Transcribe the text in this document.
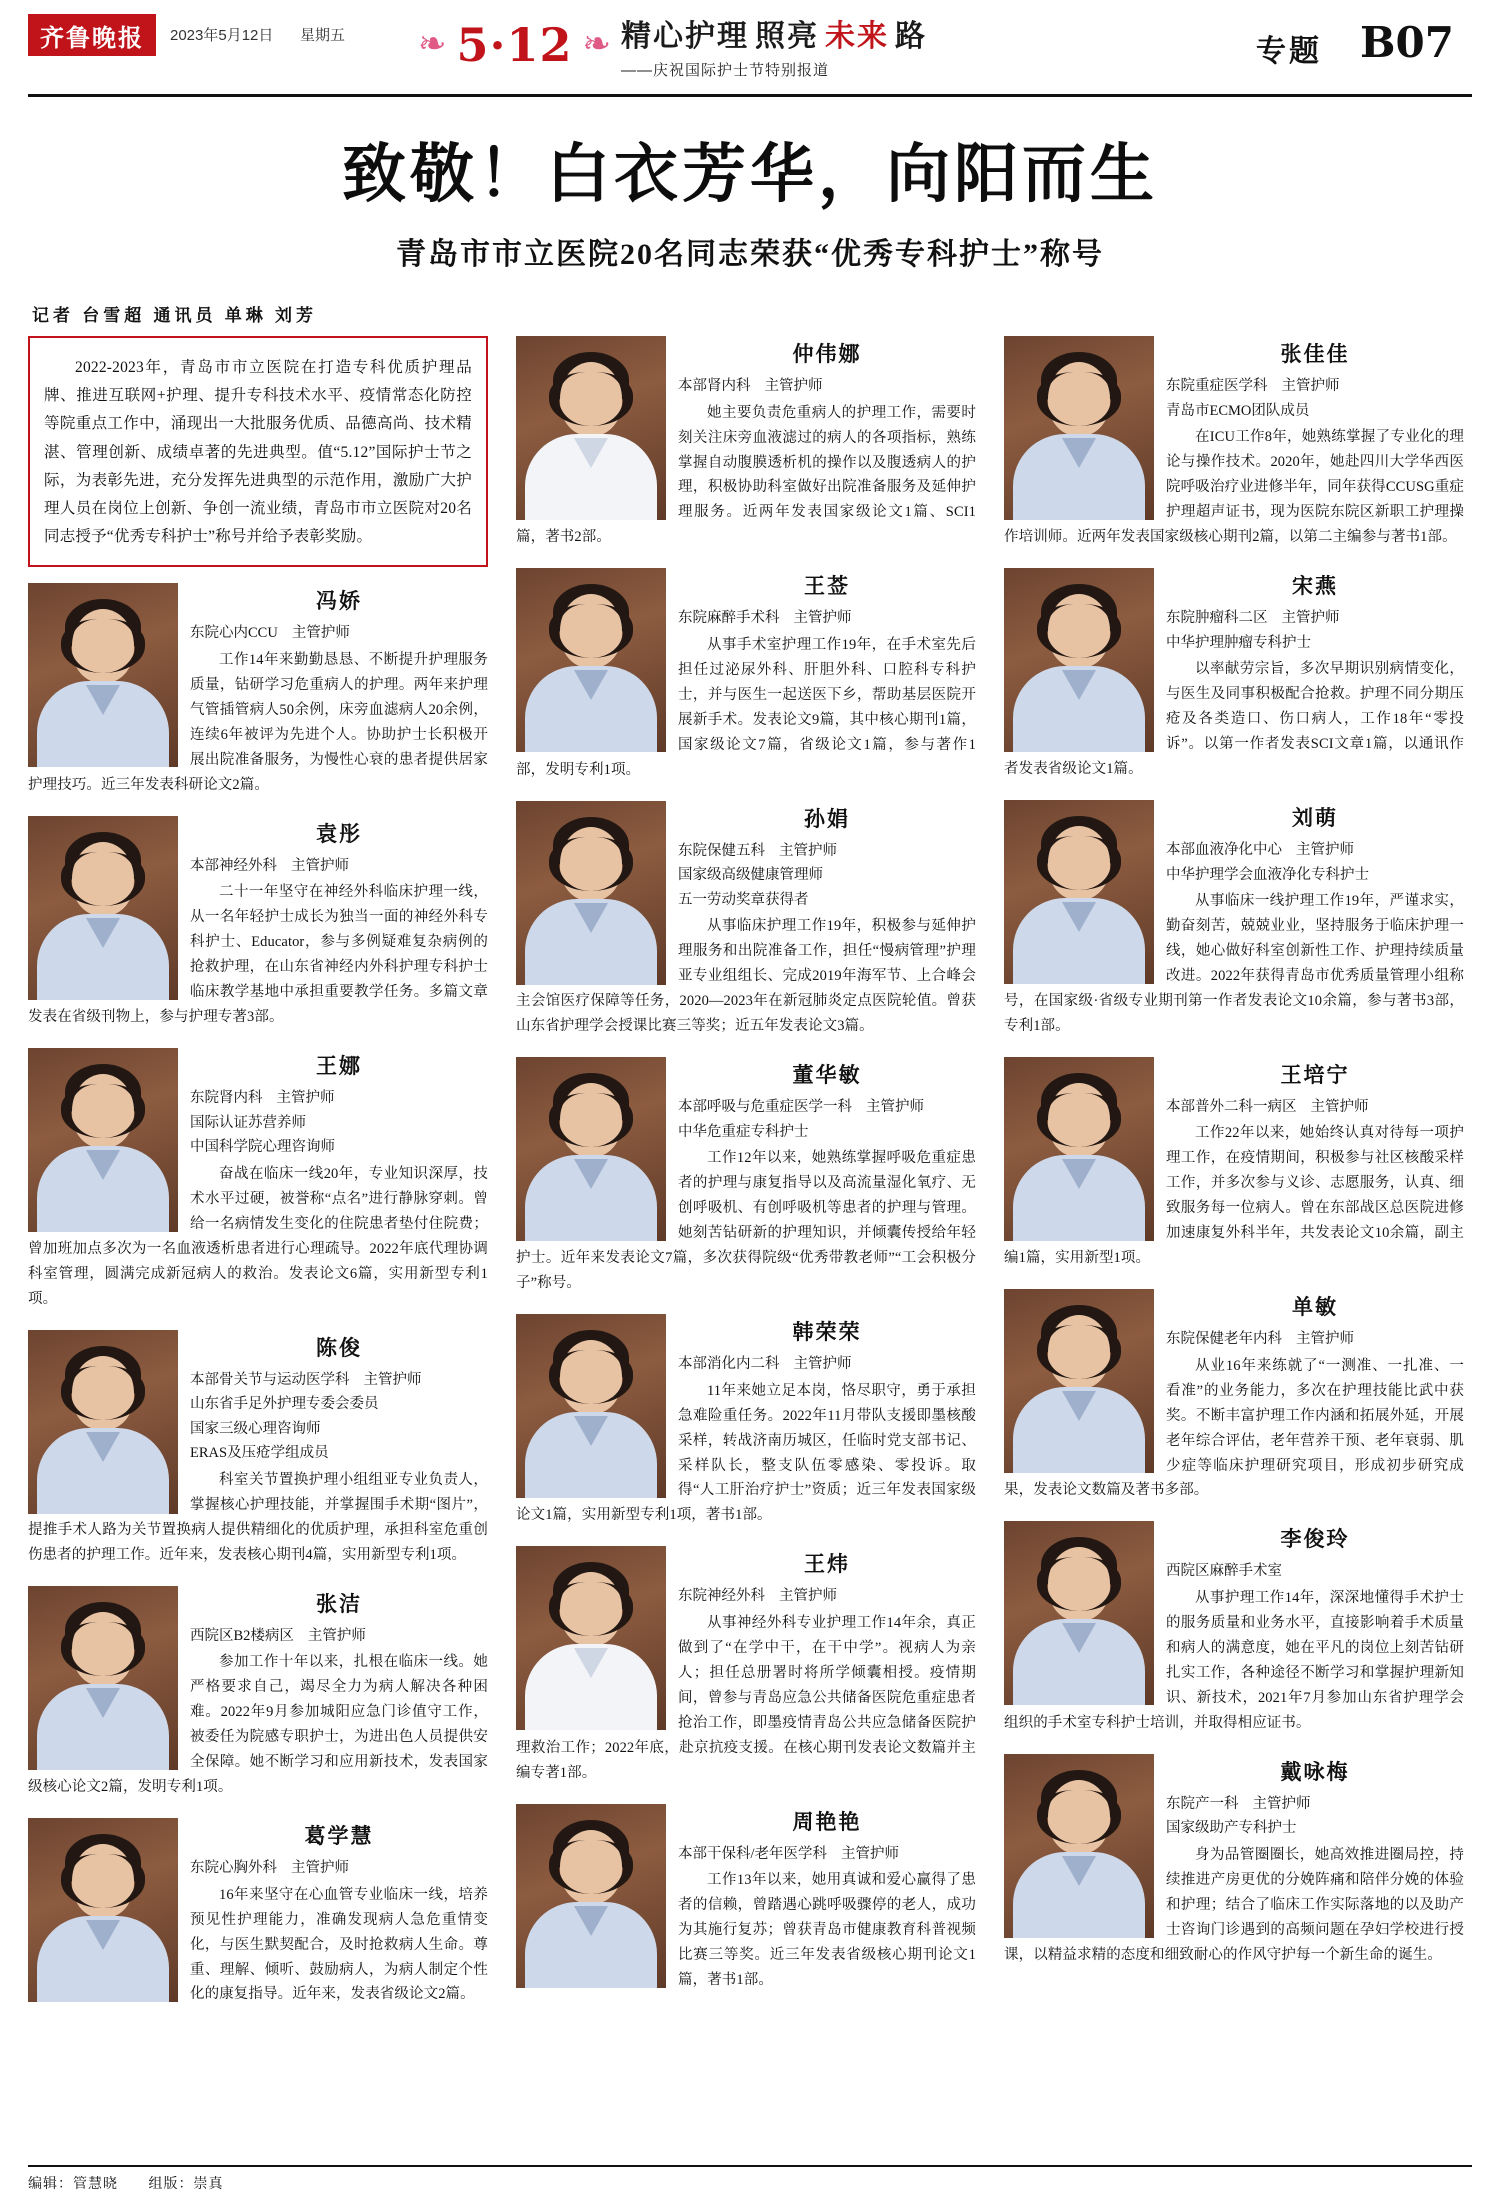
齐鲁晚报	2023年5月12日 星期五 ❧ 5·12 ❧ 精心护理 照亮 未来 路
——庆祝国际护士节特别报道
专题 B07
致敬！白衣芳华，向阳而生
青岛市市立医院20名同志荣获“优秀专科护士”称号
记者 台雪超 通讯员 单琳 刘芳

2022-2023年，青岛市市立医院在打造专科优质护理品牌、推进互联网+护理、提升专科技术水平、疫情常态化防控等院重点工作中，涌现出一大批服务优质、品德高尚、技术精湛、管理创新、成绩卓著的先进典型。值“5.12”国际护士节之际，为表彰先进，充分发挥先进典型的示范作用，激励广大护理人员在岗位上创新、争创一流业绩，青岛市市立医院对20名同志授予“优秀专科护士”称号并给予表彰奖励。

冯娇
东院心内CCU 主管护师

工作14年来勤勤恳恳、不断提升护理服务质量，钻研学习危重病人的护理。两年来护理气管插管病人50余例，床旁血滤病人20余例，连续6年被评为先进个人。协助护士长积极开展出院准备服务，为慢性心衰的患者提供居家护理技巧。近三年发表科研论文2篇。

袁彤
本部神经外科 主管护师

二十一年坚守在神经外科临床护理一线，从一名年轻护士成长为独当一面的神经外科专科护士、Educator，参与多例疑难复杂病例的抢救护理，在山东省神经内外科护理专科护士临床教学基地中承担重要教学任务。多篇文章发表在省级刊物上，参与护理专著3部。

王娜
东院肾内科 主管护师
国际认证苏营养师
中国科学院心理咨询师

奋战在临床一线20年，专业知识深厚，技术水平过硬，被誉称“点名”进行静脉穿刺。曾给一名病情发生变化的住院患者垫付住院费；曾加班加点多次为一名血液透析患者进行心理疏导。2022年底代理协调科室管理，圆满完成新冠病人的救治。发表论文6篇，实用新型专利1项。

陈俊
本部骨关节与运动医学科 主管护师
山东省手足外护理专委会委员
国家三级心理咨询师
ERAS及压疮学组成员

科室关节置换护理小组组亚专业负责人，掌握核心护理技能，并掌握围手术期“图片”，提推手术人路为关节置换病人提供精细化的优质护理，承担科室危重创伤患者的护理工作。近年来，发表核心期刊4篇，实用新型专利1项。

张洁
西院区B2楼病区 主管护师

参加工作十年以来，扎根在临床一线。她严格要求自己，竭尽全力为病人解决各种困难。2022年9月参加城阳应急门诊值守工作，被委任为院感专职护士，为进出色人员提供安全保障。她不断学习和应用新技术，发表国家级核心论文2篇，发明专利1项。

葛学慧
东院心胸外科 主管护师

16年来坚守在心血管专业临床一线，培养预见性护理能力，准确发现病人急危重情变化，与医生默契配合，及时抢救病人生命。尊重、理解、倾听、鼓励病人，为病人制定个性化的康复指导。近年来，发表省级论文2篇。

仲伟娜
本部肾内科 主管护师

她主要负责危重病人的护理工作，需要时刻关注床旁血液滤过的病人的各项指标，熟练掌握自动腹膜透析机的操作以及腹透病人的护理，积极协助科室做好出院准备服务及延伸护理服务。近两年发表国家级论文1篇、SCI1篇，著书2部。

王莶
东院麻醉手术科 主管护师

从事手术室护理工作19年，在手术室先后担任过泌尿外科、肝胆外科、口腔科专科护士，并与医生一起送医下乡，帮助基层医院开展新手术。发表论文9篇，其中核心期刊1篇，国家级论文7篇，省级论文1篇，参与著作1部，发明专利1项。

孙娟
东院保健五科 主管护师
国家级高级健康管理师
五一劳动奖章获得者

从事临床护理工作19年，积极参与延伸护理服务和出院准备工作，担任“慢病管理”护理亚专业组组长、完成2019年海军节、上合峰会主会馆医疗保障等任务，2020—2023年在新冠肺炎定点医院轮值。曾获山东省护理学会授课比赛三等奖；近五年发表论文3篇。

董华敏
本部呼吸与危重症医学一科 主管护师
中华危重症专科护士

工作12年以来，她熟练掌握呼吸危重症患者的护理与康复指导以及高流量湿化氧疗、无创呼吸机、有创呼吸机等患者的护理与管理。她刻苦钻研新的护理知识，并倾囊传授给年轻护士。近年来发表论文7篇，多次获得院级“优秀带教老师”“工会积极分子”称号。

韩荣荣
本部消化内二科 主管护师

11年来她立足本岗，恪尽职守，勇于承担急难险重任务。2022年11月带队支援即墨核酸采样，转战济南历城区，任临时党支部书记、采样队长，整支队伍零感染、零投诉。取得“人工肝治疗护士”资质；近三年发表国家级论文1篇，实用新型专利1项，著书1部。

王炜
东院神经外科 主管护师

从事神经外科专业护理工作14年余，真正做到了“在学中干，在干中学”。视病人为亲人；担任总册署时将所学倾囊相授。疫情期间，曾参与青岛应急公共储备医院危重症患者抢治工作，即墨疫情青岛公共应急储备医院护理救治工作；2022年底，赴京抗疫支援。在核心期刊发表论文数篇并主编专著1部。

周艳艳
本部干保科/老年医学科 主管护师

工作13年以来，她用真诚和爱心赢得了患者的信赖，曾踏遇心跳呼吸骤停的老人，成功为其施行复苏；曾获青岛市健康教育科普视频比赛三等奖。近三年发表省级核心期刊论文1篇，著书1部。

张佳佳
东院重症医学科 主管护师
青岛市ECMO团队成员

在ICU工作8年，她熟练掌握了专业化的理论与操作技术。2020年，她赴四川大学华西医院呼吸治疗业进修半年，同年获得CCUSG重症护理超声证书，现为医院东院区新职工护理操作培训师。近两年发表国家级核心期刊2篇，以第二主编参与著书1部。

宋燕
东院肿瘤科二区 主管护师
中华护理肿瘤专科护士

以率献劳宗旨，多次早期识别病情变化，与医生及同事积极配合抢救。护理不同分期压疮及各类造口、伤口病人，工作18年“零投诉”。以第一作者发表SCI文章1篇，以通讯作者发表省级论文1篇。

刘萌
本部血液净化中心 主管护师
中华护理学会血液净化专科护士

从事临床一线护理工作19年，严谨求实，勤奋刻苦，兢兢业业，坚持服务于临床护理一线，她心做好科室创新性工作、护理持续质量改进。2022年获得青岛市优秀质量管理小组称号，在国家级·省级专业期刊第一作者发表论文10余篇，参与著书3部，专利1部。

王培宁
本部普外二科一病区 主管护师

工作22年以来，她始终认真对待每一项护理工作，在疫情期间，积极参与社区核酸采样工作，并多次参与义诊、志愿服务，认真、细致服务每一位病人。曾在东部战区总医院进修加速康复外科半年，共发表论文10余篇，副主编1篇，实用新型1项。

单敏
东院保健老年内科 主管护师

从业16年来练就了“一测准、一扎准、一看准”的业务能力，多次在护理技能比武中获奖。不断丰富护理工作内涵和拓展外延，开展老年综合评估，老年营养干预、老年衰弱、肌少症等临床护理研究项目，形成初步研究成果，发表论文数篇及著书多部。

李俊玲
西院区麻醉手术室

从事护理工作14年，深深地懂得手术护士的服务质量和业务水平，直接影响着手术质量和病人的满意度，她在平凡的岗位上刻苦钻研扎实工作，各种途径不断学习和掌握护理新知识、新技术，2021年7月参加山东省护理学会组织的手术室专科护士培训，并取得相应证书。

戴咏梅
东院产一科 主管护师
国家级助产专科护士

身为品管圈圈长，她高效推进圈局控，持续推进产房更优的分娩阵痛和陪伴分娩的体验和护理；结合了临床工作实际落地的以及助产士咨询门诊遇到的高频问题在孕妇学校进行授课，以精益求精的态度和细致耐心的作风守护每一个新生命的诞生。

编辑：管慧晓 组版：崇真
